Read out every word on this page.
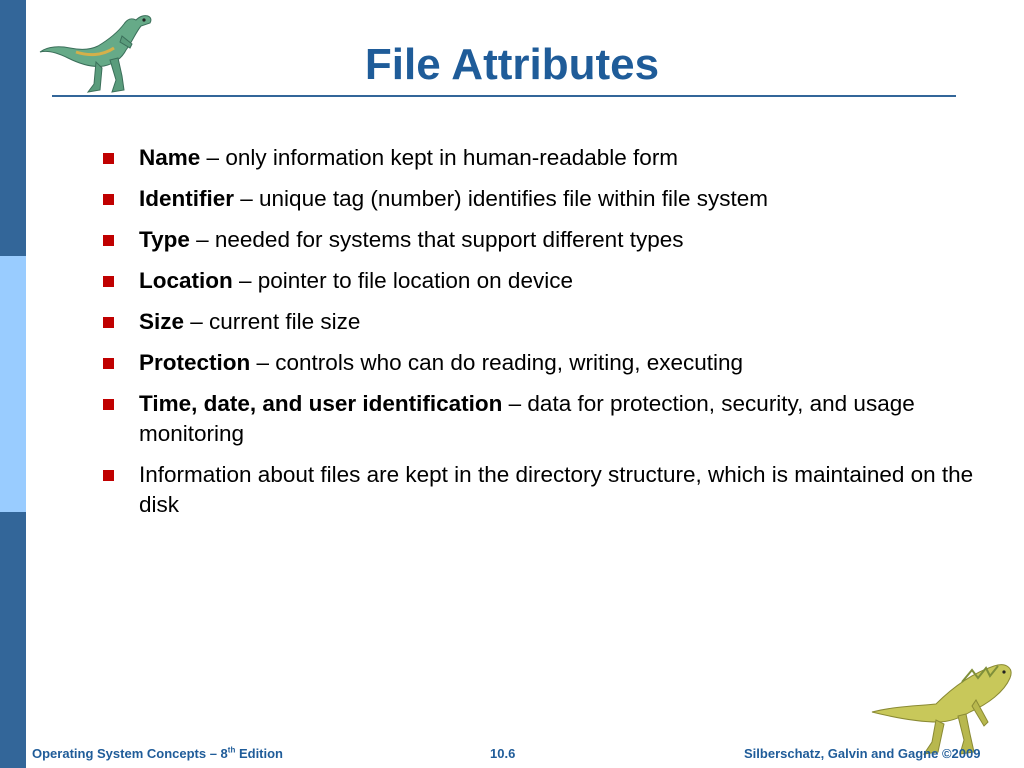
File Attributes
Name – only information kept in human-readable form
Identifier – unique tag (number) identifies file within file system
Type – needed for systems that support different types
Location – pointer to file location on device
Size – current file size
Protection – controls who can do reading, writing, executing
Time, date, and user identification – data for protection, security, and usage monitoring
Information about files are kept in the directory structure, which is maintained on the disk
Operating System Concepts – 8th Edition	10.6	Silberschatz, Galvin and Gagne ©2009
